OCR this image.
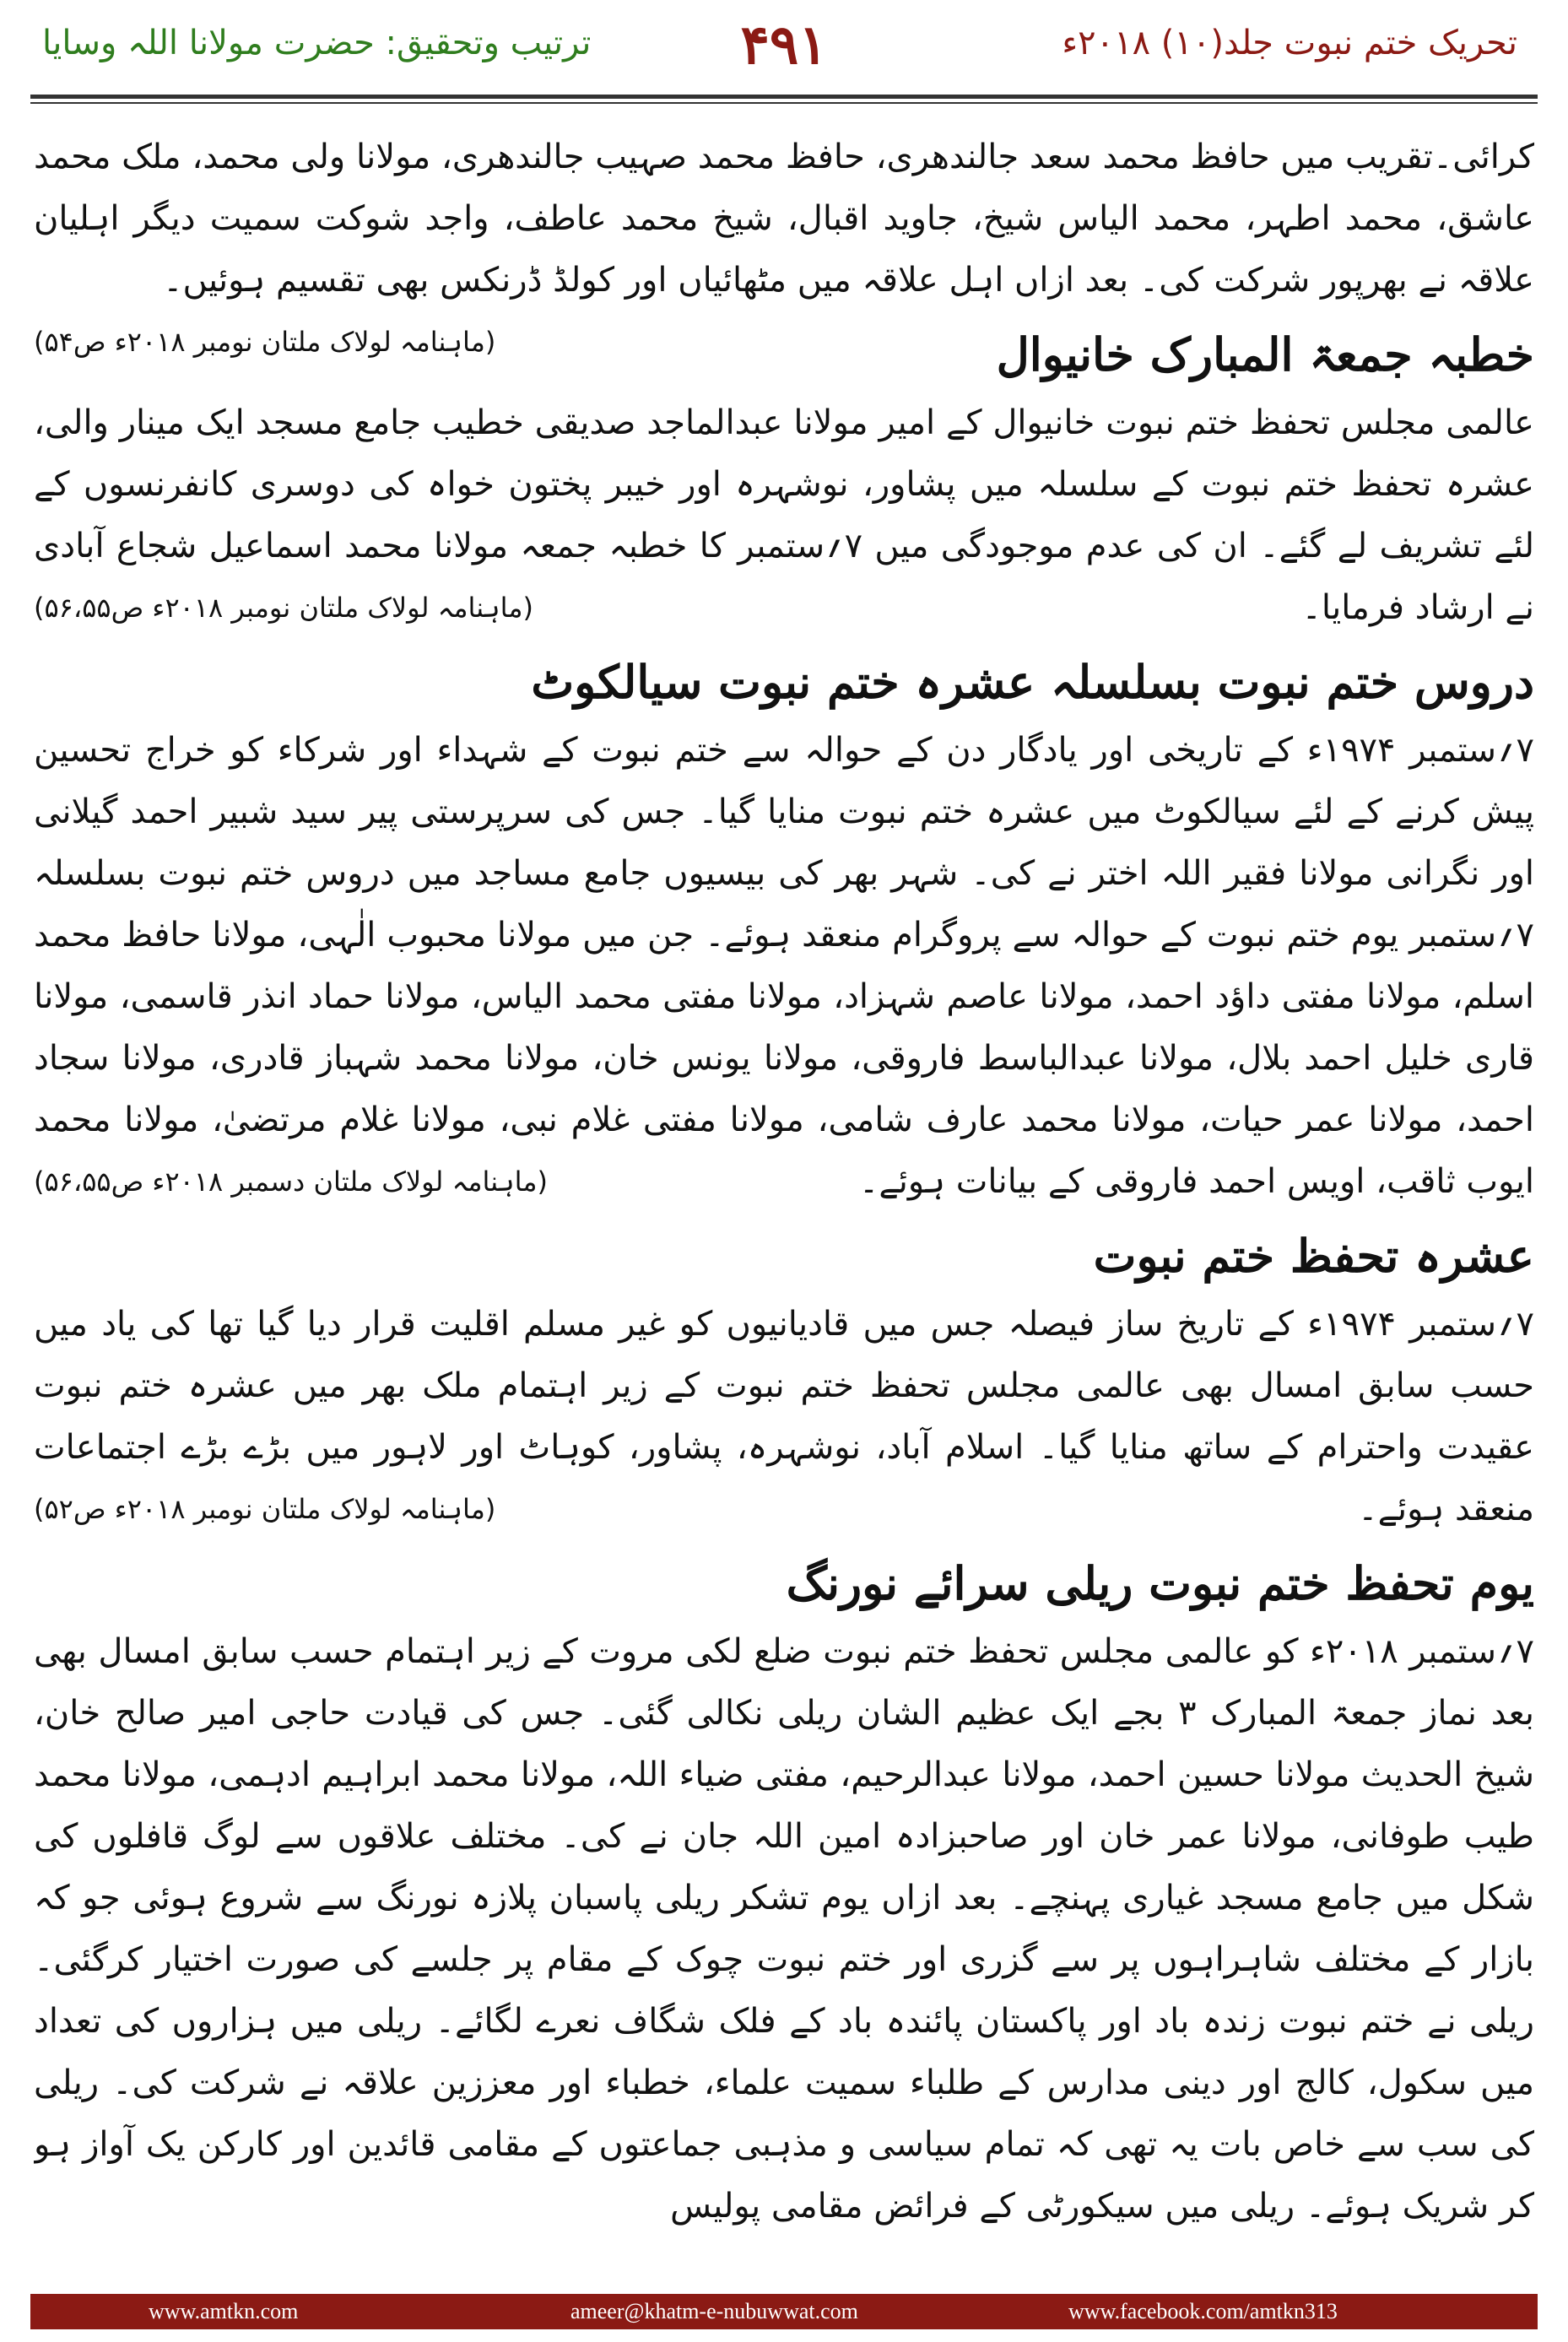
تحریک ختم نبوت جلد(۱۰) ۲۰۱۸ء
۴۹۱
ترتیب وتحقیق: حضرت مولانا اللہ وسایا

کرائی۔تقریب میں حافظ محمد سعد جالندھری، حافظ محمد صہیب جالندھری، مولانا ولی محمد، ملک محمد عاشق، محمد اطہر، محمد الیاس شیخ، جاوید اقبال، شیخ محمد عاطف، واجد شوکت سمیت دیگر اہلیان علاقہ نے بھرپور شرکت کی۔ بعد ازاں اہل علاقہ میں مٹھائیاں اور کولڈ ڈرنکس بھی تقسیم ہوئیں۔
(ماہنامہ لولاک ملتان نومبر ۲۰۱۸ء ص۵۴)	خطبہ جمعۃ المبارک خانیوال

عالمی مجلس تحفظ ختم نبوت خانیوال کے امیر مولانا عبدالماجد صدیقی خطیب جامع مسجد ایک مینار والی، عشرہ تحفظ ختم نبوت کے سلسلہ میں پشاور، نوشہرہ اور خیبر پختون خواہ کی دوسری کانفرنسوں کے لئے تشریف لے گئے۔ ان کی عدم موجودگی میں ۷؍ستمبر کا خطبہ جمعہ مولانا محمد اسماعیل شجاع آبادی نے ارشاد فرمایا۔
(ماہنامہ لولاک ملتان نومبر ۲۰۱۸ء ص۵۶،۵۵)

دروس ختم نبوت بسلسلہ عشرہ ختم نبوت سیالکوٹ

۷؍ستمبر ۱۹۷۴ء کے تاریخی اور یادگار دن کے حوالہ سے ختم نبوت کے شہداء اور شرکاء کو خراج تحسین پیش کرنے کے لئے سیالکوٹ میں عشرہ ختم نبوت منایا گیا۔ جس کی سرپرستی پیر سید شبیر احمد گیلانی اور نگرانی مولانا فقیر اللہ اختر نے کی۔ شہر بھر کی بیسیوں جامع مساجد میں دروس ختم نبوت بسلسلہ ۷؍ستمبر یوم ختم نبوت کے حوالہ سے پروگرام منعقد ہوئے۔ جن میں مولانا محبوب الٰہی، مولانا حافظ محمد اسلم، مولانا مفتی داؤد احمد، مولانا عاصم شہزاد، مولانا مفتی محمد الیاس، مولانا حماد انذر قاسمی، مولانا قاری خلیل احمد بلال، مولانا عبدالباسط فاروقی، مولانا یونس خان، مولانا محمد شہباز قادری، مولانا سجاد احمد، مولانا عمر حیات، مولانا محمد عارف شامی، مولانا مفتی غلام نبی، مولانا غلام مرتضیٰ، مولانا محمد ایوب ثاقب، اویس احمد فاروقی کے بیانات ہوئے۔
(ماہنامہ لولاک ملتان دسمبر ۲۰۱۸ء ص۵۶،۵۵)

عشرہ تحفظ ختم نبوت

۷؍ستمبر ۱۹۷۴ء کے تاریخ ساز فیصلہ جس میں قادیانیوں کو غیر مسلم اقلیت قرار دیا گیا تھا کی یاد میں حسب سابق امسال بھی عالمی مجلس تحفظ ختم نبوت کے زیر اہتمام ملک بھر میں عشرہ ختم نبوت عقیدت واحترام کے ساتھ منایا گیا۔ اسلام آباد، نوشہرہ، پشاور، کوہاٹ اور لاہور میں بڑے بڑے اجتماعات منعقد ہوئے۔
(ماہنامہ لولاک ملتان نومبر ۲۰۱۸ء ص۵۲)

یوم تحفظ ختم نبوت ریلی سرائے نورنگ

۷؍ستمبر ۲۰۱۸ء کو عالمی مجلس تحفظ ختم نبوت ضلع لکی مروت کے زیر اہتمام حسب سابق امسال بھی بعد نماز جمعۃ المبارک ۳ بجے ایک عظیم الشان ریلی نکالی گئی۔ جس کی قیادت حاجی امیر صالح خان، شیخ الحدیث مولانا حسین احمد، مولانا عبدالرحیم، مفتی ضیاء اللہ، مولانا محمد ابراہیم ادہمی، مولانا محمد طیب طوفانی، مولانا عمر خان اور صاحبزادہ امین اللہ جان نے کی۔ مختلف علاقوں سے لوگ قافلوں کی شکل میں جامع مسجد غیاری پہنچے۔ بعد ازاں یوم تشکر ریلی پاسبان پلازہ نورنگ سے شروع ہوئی جو کہ بازار کے مختلف شاہراہوں پر سے گزری اور ختم نبوت چوک کے مقام پر جلسے کی صورت اختیار کرگئی۔ ریلی نے ختم نبوت زندہ باد اور پاکستان پائندہ باد کے فلک شگاف نعرے لگائے۔ ریلی میں ہزاروں کی تعداد میں سکول، کالج اور دینی مدارس کے طلباء سمیت علماء، خطباء اور معززین علاقہ نے شرکت کی۔ ریلی کی سب سے خاص بات یہ تھی کہ تمام سیاسی و مذہبی جماعتوں کے مقامی قائدین اور کارکن یک آواز ہو کر شریک ہوئے۔ ریلی میں سیکورٹی کے فرائض مقامی پولیس

www.amtkn.com	ameer@khatm-e-nubuwwat.com	www.facebook.com/amtkn313
